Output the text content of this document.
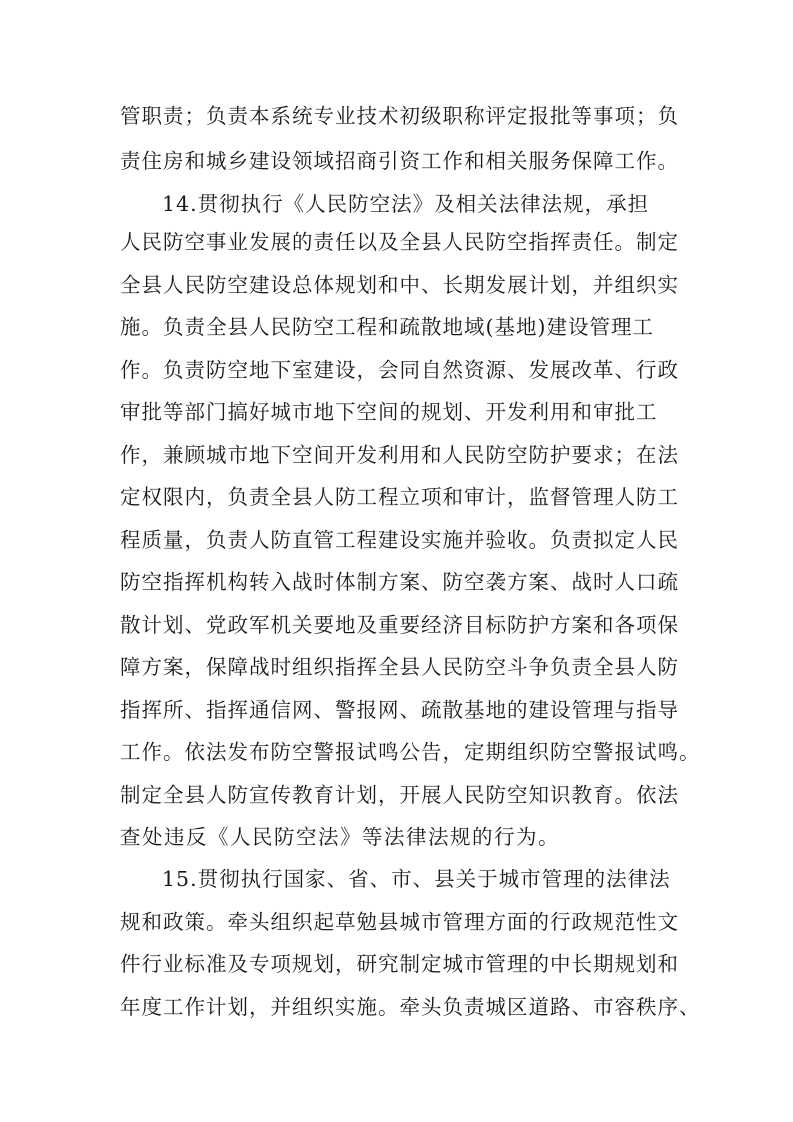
管职责；负责本系统专业技术初级职称评定报批等事项；负
责住房和城乡建设领域招商引资工作和相关服务保障工作。
14.贯彻执行《人民防空法》及相关法律法规，承担
人民防空事业发展的责任以及全县人民防空指挥责任。制定
全县人民防空建设总体规划和中、长期发展计划，并组织实
施。负责全县人民防空工程和疏散地域(基地)建设管理工
作。负责防空地下室建设，会同自然资源、发展改革、行政
审批等部门搞好城市地下空间的规划、开发利用和审批工
作，兼顾城市地下空间开发利用和人民防空防护要求；在法
定权限内，负责全县人防工程立项和审计，监督管理人防工
程质量，负责人防直管工程建设实施并验收。负责拟定人民
防空指挥机构转入战时体制方案、防空袭方案、战时人口疏
散计划、党政军机关要地及重要经济目标防护方案和各项保
障方案，保障战时组织指挥全县人民防空斗争负责全县人防
指挥所、指挥通信网、警报网、疏散基地的建设管理与指导
工作。依法发布防空警报试鸣公告，定期组织防空警报试鸣。
制定全县人防宣传教育计划，开展人民防空知识教育。依法
查处违反《人民防空法》等法律法规的行为。
15.贯彻执行国家、省、市、县关于城市管理的法律法
规和政策。牵头组织起草勉县城市管理方面的行政规范性文
件行业标准及专项规划，研究制定城市管理的中长期规划和
年度工作计划，并组织实施。牵头负责城区道路、市容秩序、
